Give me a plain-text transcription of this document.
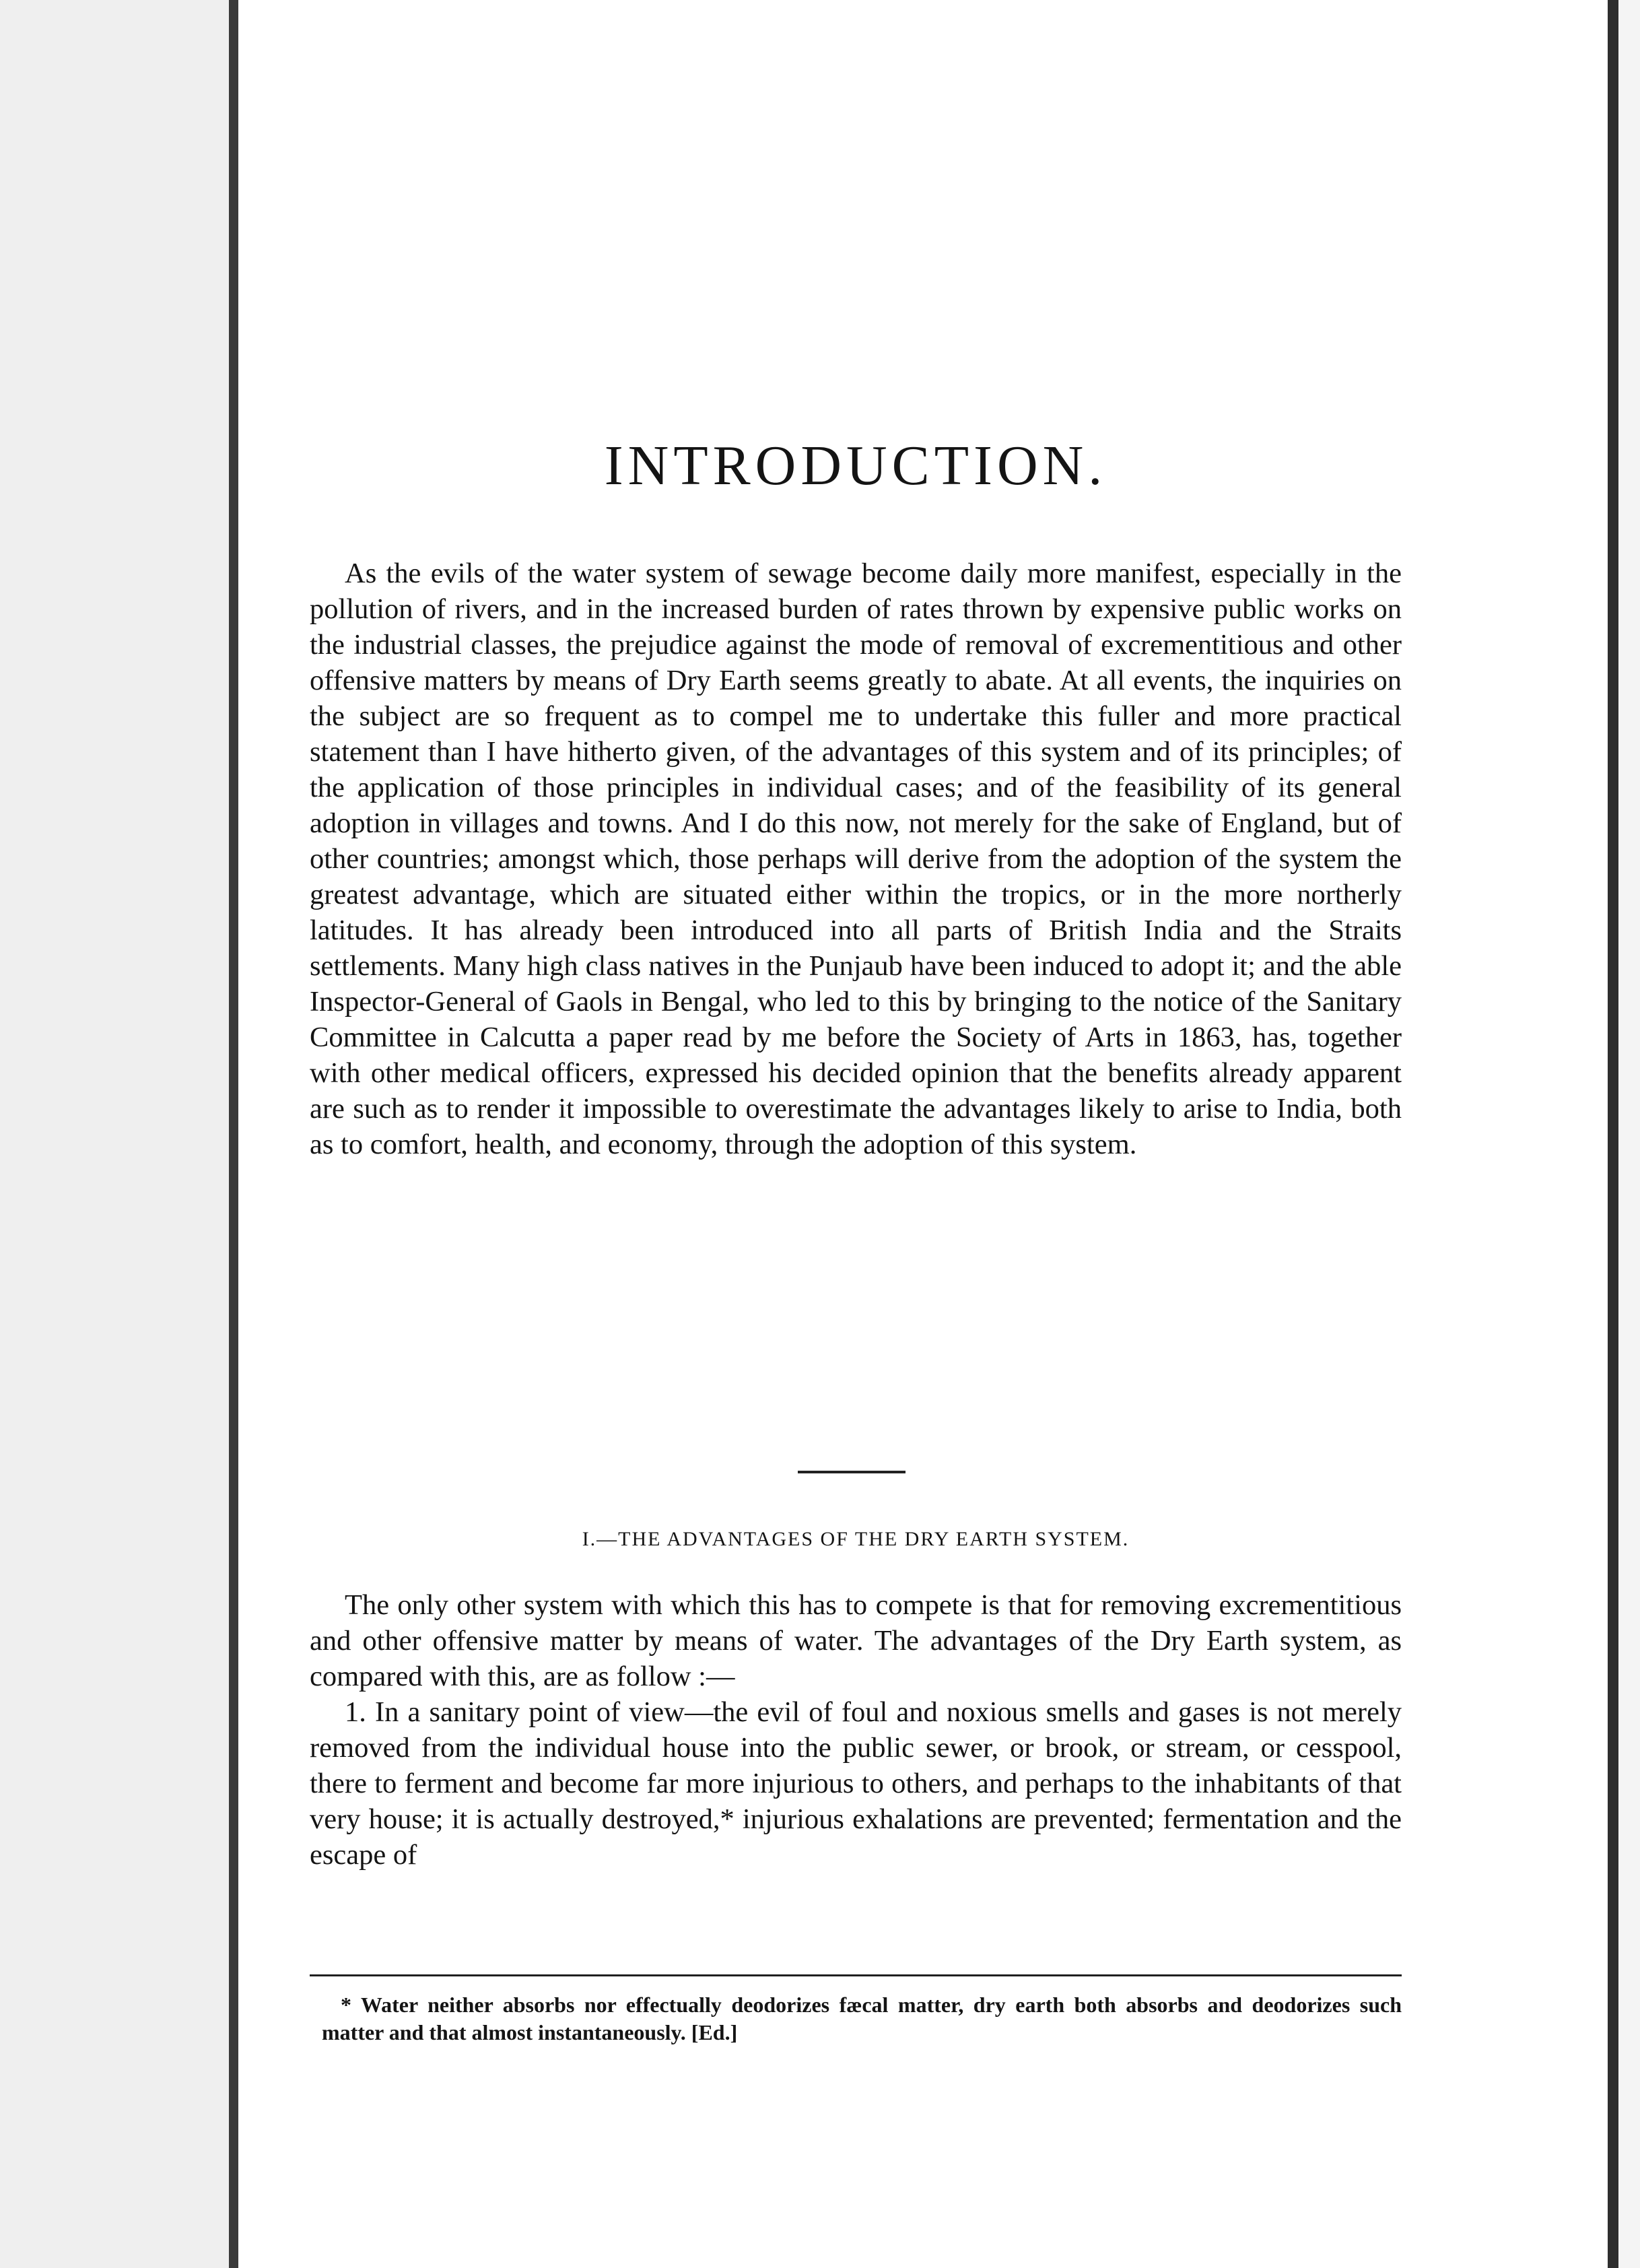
INTRODUCTION.
As the evils of the water system of sewage become daily more manifest, especially in the pollution of rivers, and in the increased burden of rates thrown by expensive public works on the industrial classes, the prejudice against the mode of removal of excrementitious and other offensive matters by means of Dry Earth seems greatly to abate. At all events, the inquiries on the subject are so frequent as to compel me to undertake this fuller and more practical statement than I have hitherto given, of the advantages of this system and of its principles; of the application of those principles in individual cases; and of the feasibility of its general adoption in villages and towns. And I do this now, not merely for the sake of England, but of other countries; amongst which, those perhaps will derive from the adoption of the system the greatest advantage, which are situated either within the tropics, or in the more northerly latitudes. It has already been introduced into all parts of British India and the Straits settlements. Many high class natives in the Punjaub have been induced to adopt it; and the able Inspector-General of Gaols in Bengal, who led to this by bringing to the notice of the Sanitary Committee in Calcutta a paper read by me before the Society of Arts in 1863, has, together with other medical officers, expressed his decided opinion that the benefits already apparent are such as to render it impossible to overestimate the advantages likely to arise to India, both as to comfort, health, and economy, through the adoption of this system.
I.—THE ADVANTAGES OF THE DRY EARTH SYSTEM.
The only other system with which this has to compete is that for removing excrementitious and other offensive matter by means of water. The advantages of the Dry Earth system, as compared with this, are as follow :—
1. In a sanitary point of view—the evil of foul and noxious smells and gases is not merely removed from the individual house into the public sewer, or brook, or stream, or cesspool, there to ferment and become far more injurious to others, and perhaps to the inhabitants of that very house; it is actually destroyed,* injurious exhalations are prevented; fermentation and the escape of
* Water neither absorbs nor effectually deodorizes fæcal matter, dry earth both absorbs and deodorizes such matter and that almost instantaneously. [Ed.]
